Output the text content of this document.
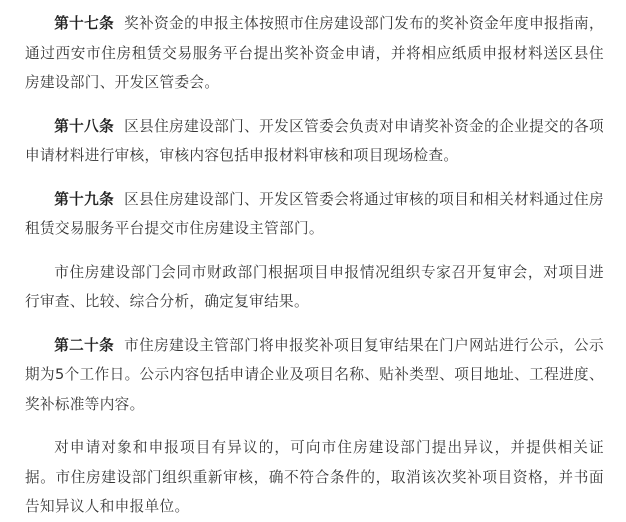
第十七条 奖补资金的申报主体按照市住房建设部门发布的奖补资金年度申报指南，通过西安市住房租赁交易服务平台提出奖补资金申请，并将相应纸质申报材料送区县住房建设部门、开发区管委会。

第十八条 区县住房建设部门、开发区管委会负责对申请奖补资金的企业提交的各项申请材料进行审核，审核内容包括申报材料审核和项目现场检查。

第十九条 区县住房建设部门、开发区管委会将通过审核的项目和相关材料通过住房租赁交易服务平台提交市住房建设主管部门。

市住房建设部门会同市财政部门根据项目申报情况组织专家召开复审会，对项目进行审查、比较、综合分析，确定复审结果。

第二十条 市住房建设主管部门将申报奖补项目复审结果在门户网站进行公示，公示期为5个工作日。公示内容包括申请企业及项目名称、贴补类型、项目地址、工程进度、奖补标准等内容。

对申请对象和申报项目有异议的，可向市住房建设部门提出异议，并提供相关证据。市住房建设部门组织重新审核，确不符合条件的，取消该次奖补项目资格，并书面告知异议人和申报单位。
